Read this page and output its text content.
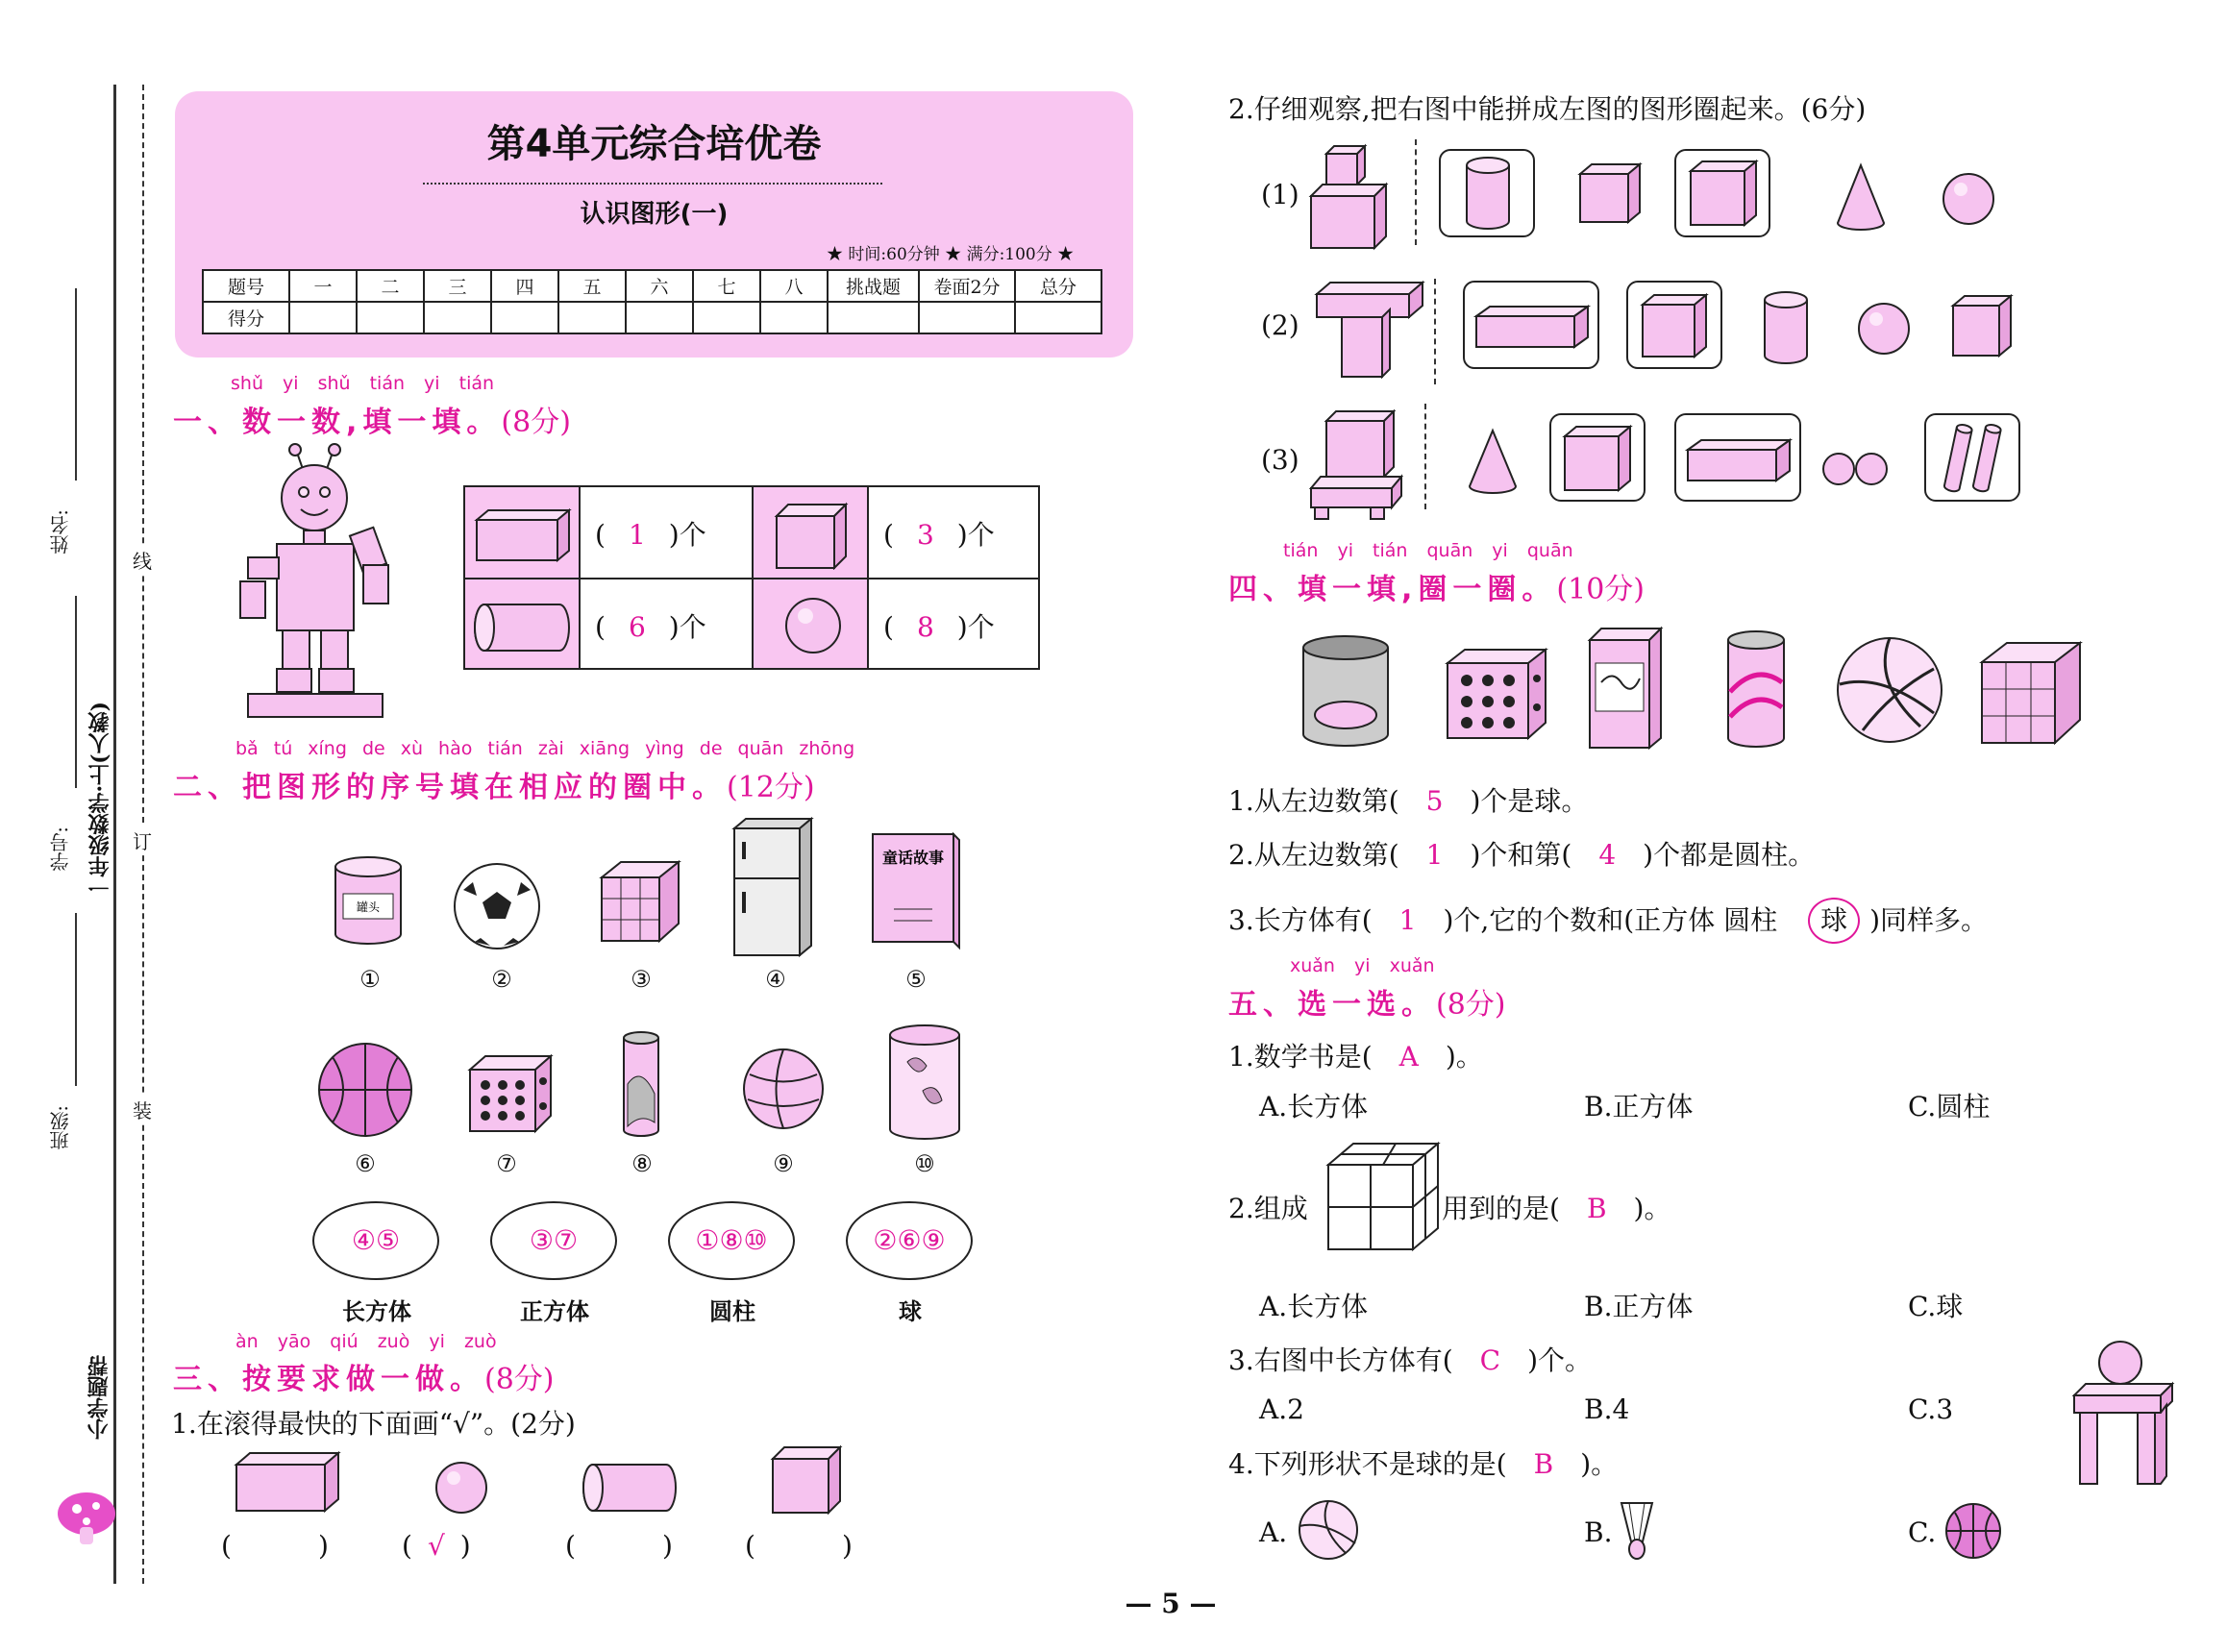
姓名:
学号: 一年级数学·上(人教)
班级:
线
订
装
小学题帮
第4单元综合培优卷
认识图形(一)
★ 时间:60分钟 ★ 满分:100分 ★
题号	一	二	三	四	五	六	七	八	挑战题	卷面2分	总分
得分											
shǔ yi shǔ tián yi tián
一、数一数,填一填。(8分)
( 1 )个	( 3 )个
( 6 )个	( 8 )个
bǎ tú xíng de xù hào tián zài xiāng yìng de quān zhōng
二、把图形的序号填在相应的圈中。(12分)
罐头
童话故事
①	②	③	④	⑤
⑥	⑦	⑧	⑨	⑩
④⑤	③⑦	①⑧⑩	②⑥⑨
长方体	正方体	圆柱	球
àn yāo qiú zuò yi zuò
三、按要求做一做。(8分)
1.在滚得最快的下面画“√”。(2分)
(	)	( √ )	(	)	(	)
2.仔细观察,把右图中能拼成左图的图形圈起来。(6分)
(1)
(2)
(3)
tián yi tián quān yi quān
四、填一填,圈一圈。(10分)
1.从左边数第( 5 )个是球。
2.从左边数第( 1 )个和第( 4 )个都是圆柱。
3.长方体有( 1 )个,它的个数和(正方体 圆柱 球 )同样多。
xuǎn yi xuǎn
五、选一选。(8分)
1.数学书是( A )。
A.长方体	B.正方体	C.圆柱
2.组成	用到的是( B )。
A.长方体	B.正方体	C.球
3.右图中长方体有( C )个。
A.2	B.4	C.3
4.下列形状不是球的是( B )。
A.	B.	C.
— 5 —
